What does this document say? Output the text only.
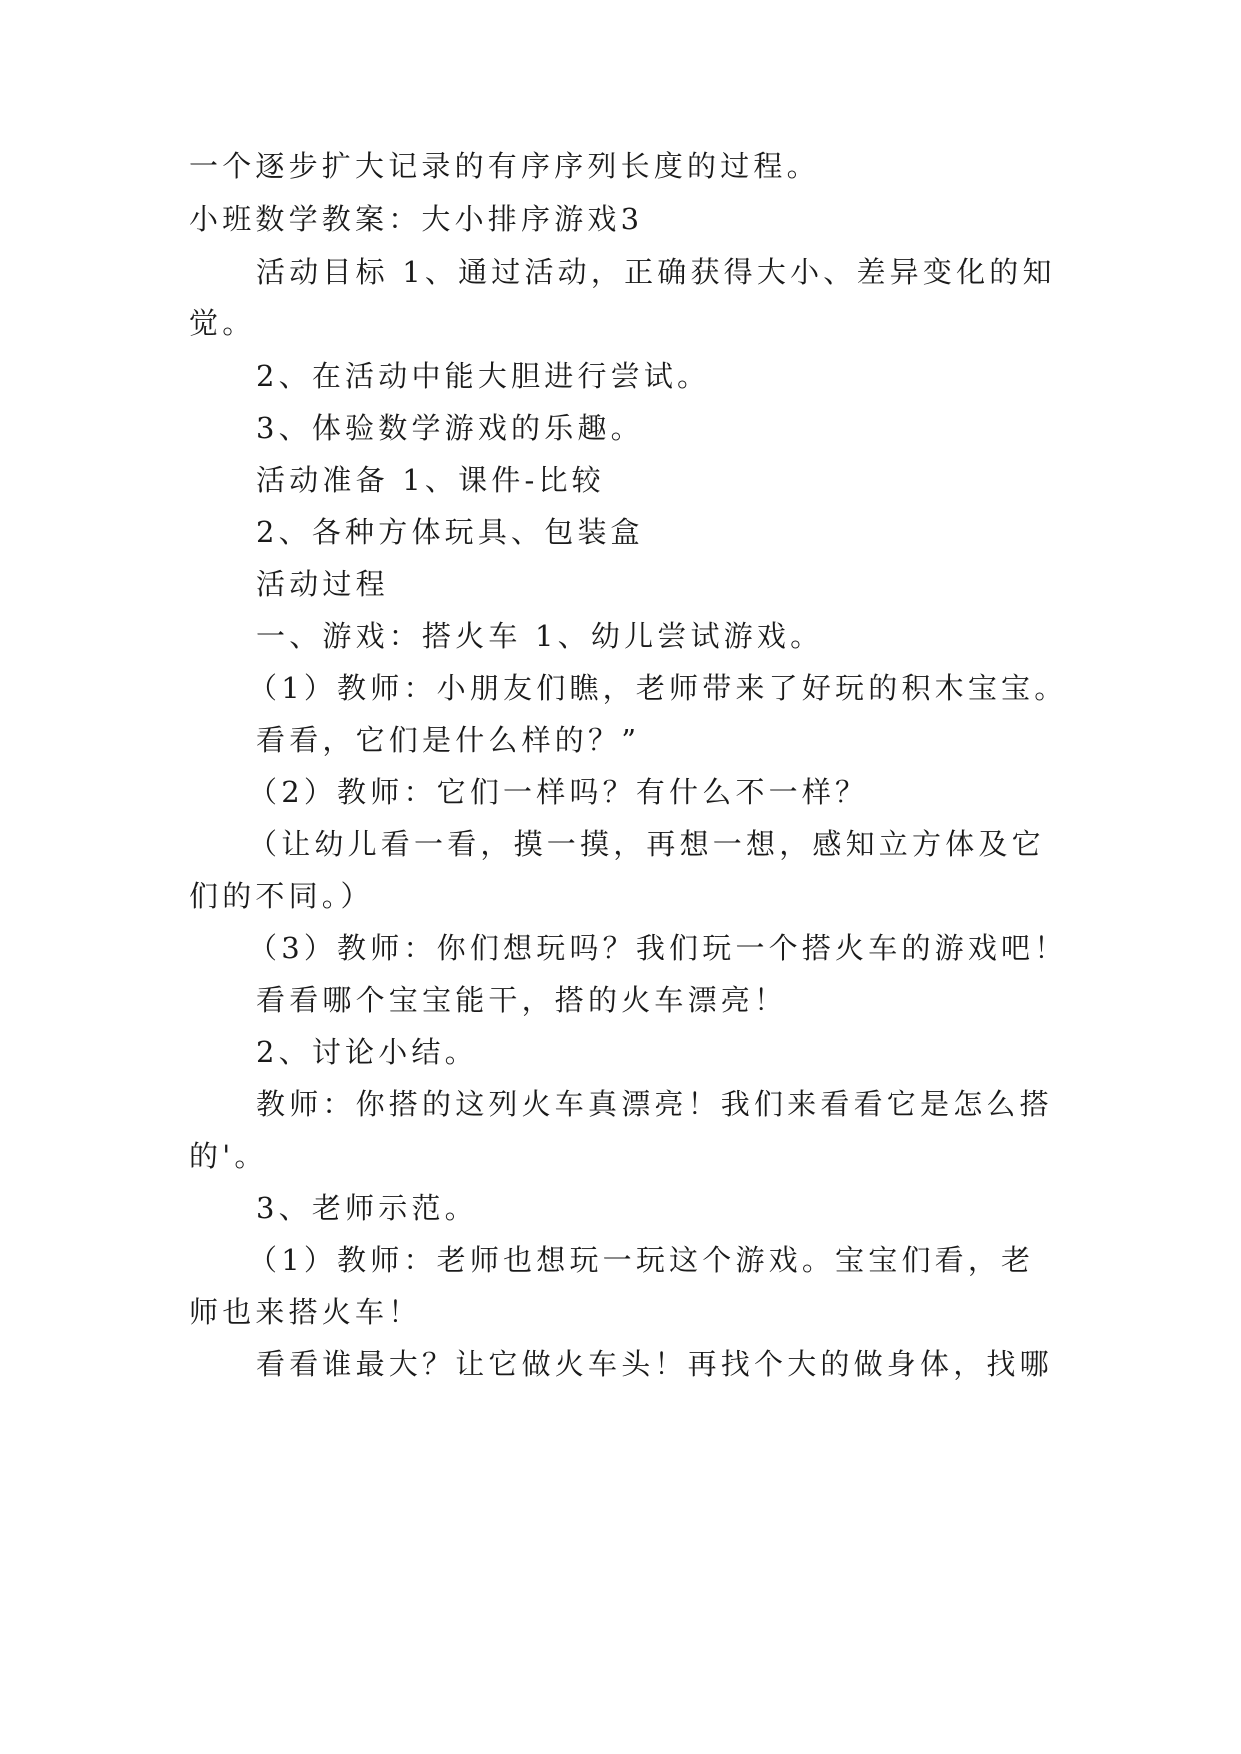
一个逐步扩大记录的有序序列长度的过程。
小班数学教案：大小排序游戏3
活动目标 1、通过活动，正确获得大小、差异变化的知
觉。
2、在活动中能大胆进行尝试。
3、体验数学游戏的乐趣。
活动准备 1、课件-比较
2、各种方体玩具、包装盒
活动过程
一、游戏：搭火车 1、幼儿尝试游戏。
（1）教师：小朋友们瞧，老师带来了好玩的积木宝宝。
看看，它们是什么样的？”
（2）教师：它们一样吗？有什么不一样？
（让幼儿看一看，摸一摸，再想一想，感知立方体及它
们的不同。）
（3）教师：你们想玩吗？我们玩一个搭火车的游戏吧！
看看哪个宝宝能干，搭的火车漂亮！
2、讨论小结。
教师：你搭的这列火车真漂亮！我们来看看它是怎么搭
的'。
3、老师示范。
（1）教师：老师也想玩一玩这个游戏。宝宝们看，老
师也来搭火车！
看看谁最大？让它做火车头！再找个大的做身体，找哪
